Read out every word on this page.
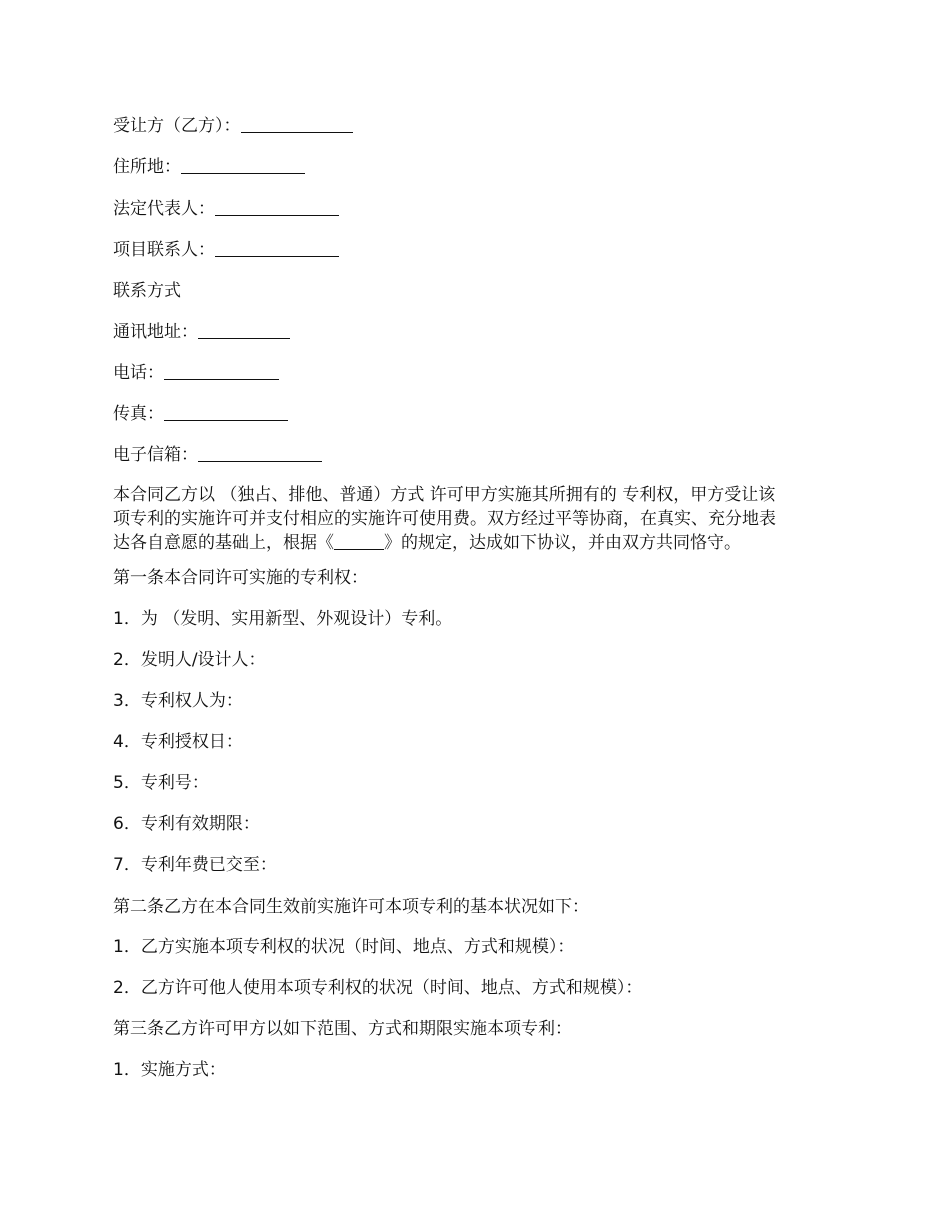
受让方（乙方）：
住所地：
法定代表人：
项目联系人：
联系方式
通讯地址：
电话：
传真：
电子信箱：
本合同乙方以 （独占、排他、普通）方式 许可甲方实施其所拥有的 专利权，甲方受让该
项专利的实施许可并支付相应的实施许可使用费。双方经过平等协商，在真实、充分地表
达各自意愿的基础上，根据《	》的规定，达成如下协议，并由双方共同恪守。
第一条本合同许可实施的专利权：
1．为 （发明、实用新型、外观设计）专利。
2．发明人/设计人：
3．专利权人为：
4．专利授权日：
5．专利号：
6．专利有效期限：
7．专利年费已交至：
第二条乙方在本合同生效前实施许可本项专利的基本状况如下：
1．乙方实施本项专利权的状况（时间、地点、方式和规模）：
2．乙方许可他人使用本项专利权的状况（时间、地点、方式和规模）：
第三条乙方许可甲方以如下范围、方式和期限实施本项专利：
1．实施方式：
